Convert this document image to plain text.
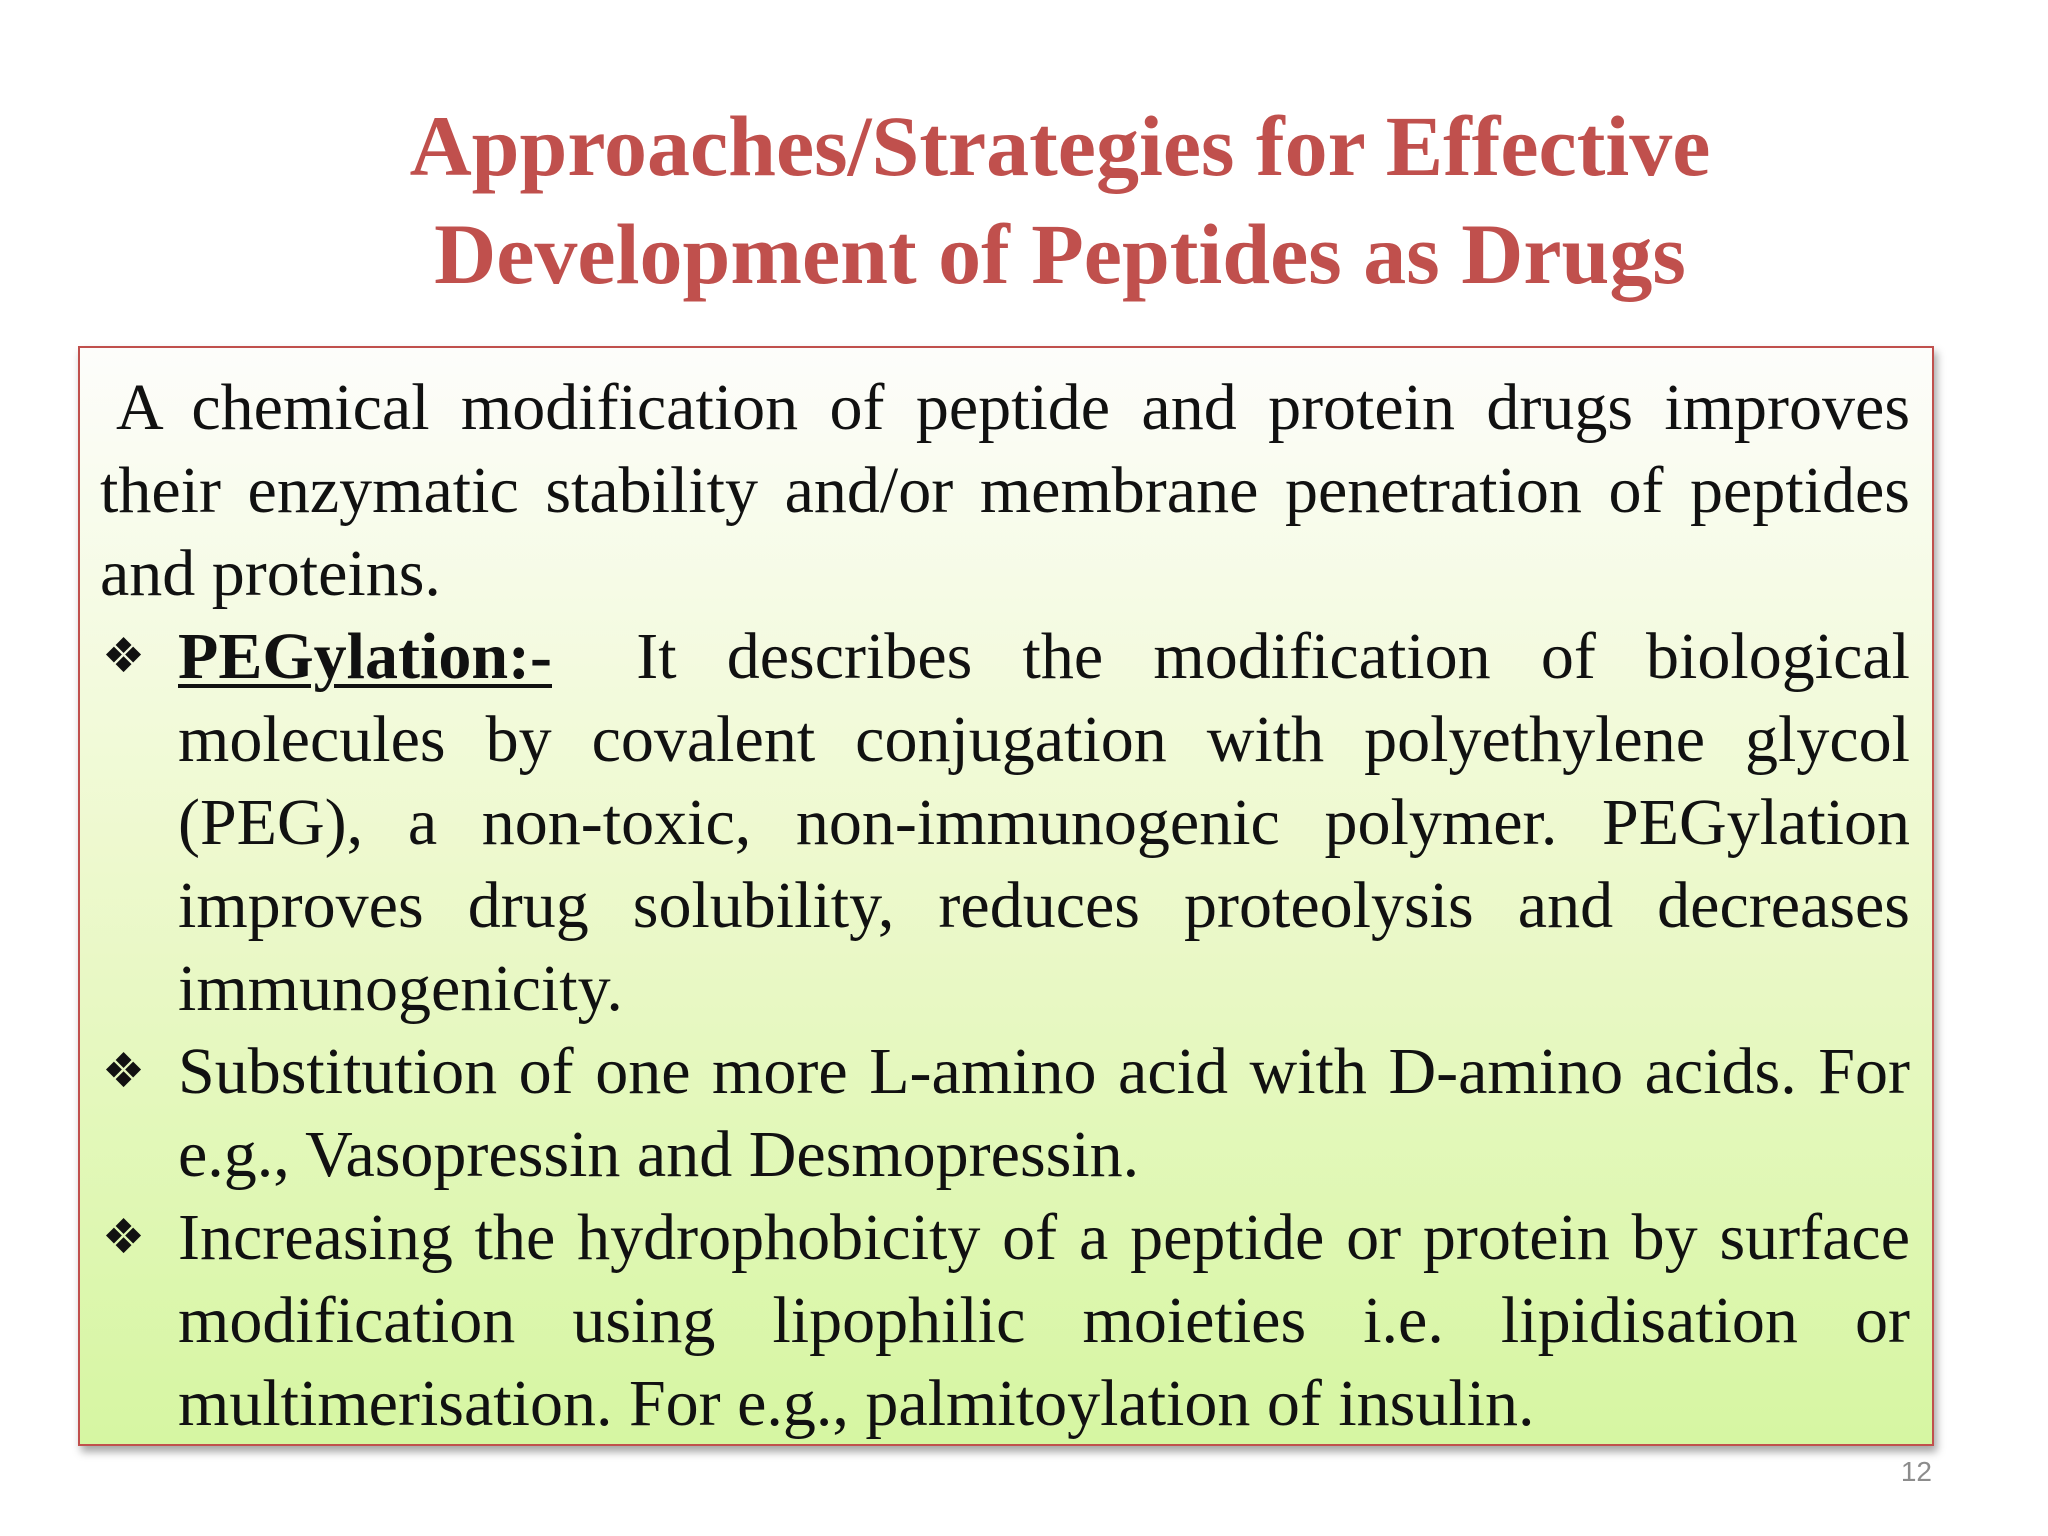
Approaches/Strategies for Effective
Development of Peptides as Drugs

A chemical modification of peptide and protein drugs improves their enzymatic stability and/or membrane penetration of peptides and proteins.

❖ PEGylation:- It describes the modification of biological molecules by covalent conjugation with polyethylene glycol (PEG), a non-toxic, non-immunogenic polymer. PEGylation improves drug solubility, reduces proteolysis and decreases immunogenicity.
❖ Substitution of one more L-amino acid with D-amino acids. For e.g., Vasopressin and Desmopressin.
❖ Increasing the hydrophobicity of a peptide or protein by surface modification using lipophilic moieties i.e. lipidisation or multimerisation. For e.g., palmitoylation of insulin.
12
